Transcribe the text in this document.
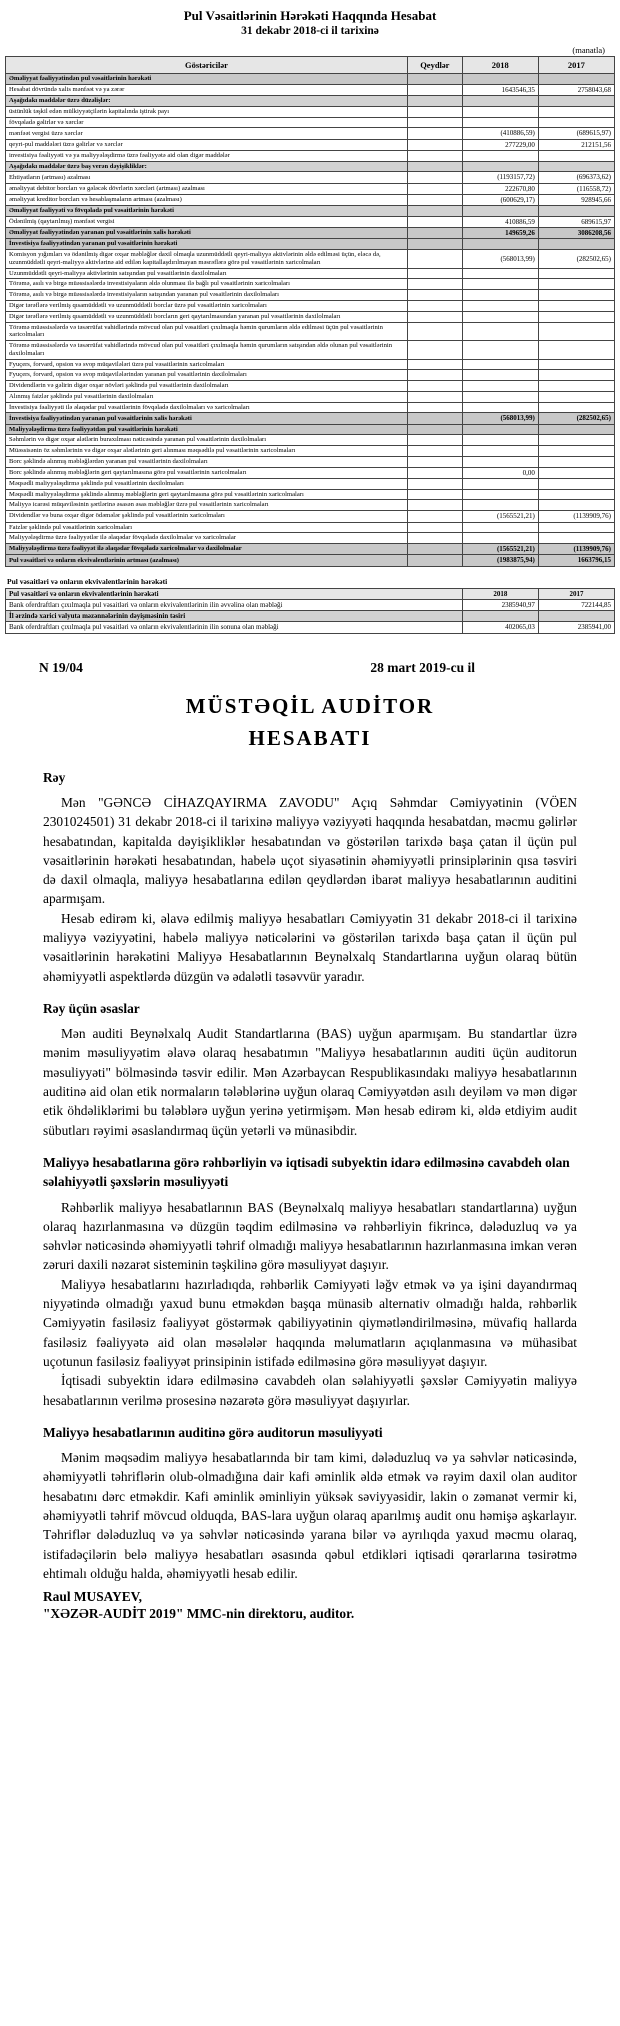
Pul Vəsaitlərinin Hərəkəti Haqqında Hesabat
31 dekabr 2018-ci il tarixinə
(manatla)
Göstəricilər	Qeydlər	2018	2017
Əməliyyat fəaliyyətindən pul vəsaitlərinin hərəkəti			
Hesabat dövründə xalis mənfəət və ya zərər		1643546,35	2758043,68
Aşağıdakı maddələr üzrə düzəlişlər:			
üstünlük təşkil edən mülkiyyətçilərin kapitalında iştirak payı			
fövqəladə gəlirlər və xərclər			
mənfəət vergisi üzrə xərclər		(410886,59)	(689615,97)
qeyri-pul maddələri üzrə gəlirlər və xərclər		277229,00	212151,56
investisiya fəaliyyəti və ya maliyyələşdirmə üzrə fəaliyyətə aid olan digər maddələr			
Aşağıdakı maddələr üzrə baş verən dəyişikliklər:			
Ehtiyatların (artması) azalması		(1193157,72)	(696373,62)
əməliyyat debitor borcları və gələcək dövrlərin xərcləri (artması) azalması		222670,80	(116558,72)
əməliyyat kreditor borcları və hesablaşmaların artması (azalması)		(600629,17)	928945,66
Əməliyyat fəaliyyəti və fövqəladə pul vəsaitlərinin hərəkəti			
Ödənilmiş (qaytarılmış) mənfəət vergisi		410886,59	689615,97
Əməliyyat fəaliyyətindən yaranan pul vəsaitlərinin xalis hərəkəti		149659,26	3086208,56
İnvestisiya fəaliyyətindən yaranan pul vəsaitlərinin hərəkəti			
Komisyon yığımları və ödənilmiş digər oxşar məbləğlər daxil olmaqla uzunmüddətli qeyri-maliyyə aktivlərinin əldə edilməsi üçün, eləcə də, uzunmüddətli qeyri-maliyyə aktivlərinə aid edilən kapitallaşdırılmayan məsrəflərə görə pul vəsaitlərinin xaricolmaları		(568013,99)	(282502,65)
Uzunmüddətli qeyri-maliyyə aktivlərinin satışından pul vəsaitlərinin daxilolmaları			
Törəmə, asılı və birgə müəssisələrdə investisiyaların əldə olunması ilə bağlı pul vəsaitlərinin xaricolmaları			
Törəmə, asılı və birgə müəssisələrdə investisiyaların satışından yaranan pul vəsaitlərinin daxilolmaları			
Digər tərəflərə verilmiş qısamüddətli və uzunmüddətli borclar üzrə pul vəsaitlərinin xaricolmaları			
Digər tərəflərə verilmiş qısamüddətli və uzunmüddətli borcların geri qaytarılmasından yaranan pul vəsaitlərinin daxilolmaları			
Törəmə müəssisələrdə və təsərrüfat vahidlərində mövcud olan pul vəsaitləri çıxılmaqla həmin qurumların əldə edilməsi üçün pul vəsaitlərinin xaricolmaları			
Törəmə müəssisələrdə və təsərrüfat vahidlərində mövcud olan pul vəsaitləri çıxılmaqla həmin qurumların satışından əldə olunan pul vəsaitlərinin daxilolmaları			
Fyuçers, forvard, opsion və svop müqavilələri üzrə pul vəsaitlərinin xaricolmaları			
Fyuçers, forvard, opsion və svop müqavilələrindən yaranan pul vəsaitlərinin daxilolmaları			
Dividendlərin və gəlirin digər oxşar növləri şəklində pul vəsaitlərinin daxilolmaları			
Alınmış faizlər şəklində pul vəsaitlərinin daxilolmaları			
İnvestisiya fəaliyyəti ilə əlaqədar pul vəsaitlərinin fövqəladə daxilolmaları və xaricolmaları			
İnvestisiya fəaliyyətindən yaranan pul vəsaitlərinin xalis hərəkəti		(568013,99)	(282502,65)
Maliyyələşdirmə üzrə fəaliyyətdən pul vəsaitlərinin hərəkəti			
Səhmlərin və digər oxşar alətlərin buraxılması nəticəsində yaranan pul vəsaitlərinin daxilolmaları			
Müəssisənin öz səhmlərinin və digər oxşar alətlərinin geri alınması məqsədilə pul vəsaitlərinin xaricolmaları			
Borc şəklində alınmış məbləğlərdən yaranan pul vəsaitlərinin daxilolmaları			
Borc şəklində alınmış məbləğlərin geri qaytarılmasına görə pul vəsaitlərinin xaricolmaları		0,00	
Məqsədli maliyyələşdirmə şəklində pul vəsaitlərinin daxilolmaları			
Məqsədli maliyyələşdirmə şəklində alınmış məbləğlərin geri qaytarılmasına görə pul vəsaitlərinin xaricolmaları			
Maliyyə icarəsi müqaviləsinin şərtlərinə əsasən əsas məbləğlər üzrə pul vəsaitlərinin xaricolmaları			
Dividendlər və buna oxşar digər ödəmələr şəklində pul vəsaitlərinin xaricolmaları		(1565521,21)	(1139909,76)
Faizlər şəklində pul vəsaitlərinin xaricolmaları			
Maliyyələşdirmə üzrə fəaliyyətlər ilə əlaqədar fövqəladə daxilolmalar və xaricolmalar			
Maliyyələşdirmə üzrə fəaliyyət ilə əlaqədar fövqəladə xaricolmalar və daxilolmalar		(1565521,21)	(1139909,76)
Pul vəsaitləri və onların ekvivalentlərinin artması (azalması)		(1983875,94)	1663796,15
Pul vəsaitləri və onların ekvivalentlərinin hərəkəti
Pul vəsaitləri və onların ekvivalentlərinin hərəkəti	2018	2017
Bank oferdraftları çıxılmaqla pul vəsaitləri və onların ekvivalentlərinin ilin əvvəlinə olan məbləği	2385940,97	722144,85
İl ərzində xarici valyuta məzənnələrinin dəyişməsinin təsiri		
Bank oferdraftları çıxılmaqla pul vəsaitləri və onların ekvivalentlərinin ilin sonuna olan məbləği	402065,03	2385941,00
N 19/04	28 mart 2019-cu il
MÜSTƏQİL AUDİTOR
HESABATI
Rəy

Mən "GƏNCƏ CİHAZQAYIRMA ZAVODU" Açıq Səhmdar Cəmiyyətinin (VÖEN 2301024501) 31 dekabr 2018-ci il tarixinə maliyyə vəziyyəti haqqında hesabatdan, məcmu gəlirlər hesabatından, kapitalda dəyişikliklər hesabatından və göstərilən tarixdə başa çatan il üçün pul vəsaitlərinin hərəkəti hesabatından, habelə uçot siyasətinin əhəmiyyətli prinsiplərinin qısa təsviri də daxil olmaqla, maliyyə hesabatlarına edilən qeydlərdən ibarət maliyyə hesabatlarının auditini aparmışam.

Hesab edirəm ki, əlavə edilmiş maliyyə hesabatları Cəmiyyətin 31 dekabr 2018-ci il tarixinə maliyyə vəziyyətini, habelə maliyyə nəticələrini və göstərilən tarixdə başa çatan il üçün pul vəsaitlərinin hərəkətini Maliyyə Hesabatlarının Beynəlxalq Standartlarına uyğun olaraq bütün əhəmiyyətli aspektlərdə düzgün və ədalətli təsəvvür yaradır.

Rəy üçün əsaslar

Mən auditi Beynəlxalq Audit Standartlarına (BAS) uyğun aparmışam. Bu standartlar üzrə mənim məsuliyyətim əlavə olaraq hesabatımın "Maliyyə hesabatlarının auditi üçün auditorun məsuliyyəti" bölməsində təsvir edilir. Mən Azərbaycan Respublikasındakı maliyyə hesabatlarının auditinə aid olan etik normaların tələblərinə uyğun olaraq Cəmiyyətdən asılı deyiləm və mən digər etik öhdəliklərimi bu tələblərə uyğun yerinə yetirmişəm. Mən hesab edirəm ki, əldə etdiyim audit sübutları rəyimi əsaslandırmaq üçün yetərli və münasibdir.

Maliyyə hesabatlarına görə rəhbərliyin və iqtisadi subyektin idarə edilməsinə cavabdeh olan səlahiyyətli şəxslərin məsuliyyəti

Rəhbərlik maliyyə hesabatlarının BAS (Beynəlxalq maliyyə hesabatları standartlarına) uyğun olaraq hazırlanmasına və düzgün təqdim edilməsinə və rəhbərliyin fikrincə, dələduzluq və ya səhvlər nəticəsində əhəmiyyətli təhrif olmadığı maliyyə hesabatlarının hazırlanmasına imkan verən zəruri daxili nəzarət sisteminin təşkilinə görə məsuliyyət daşıyır.

Maliyyə hesabatlarını hazırladıqda, rəhbərlik Cəmiyyəti ləğv etmək və ya işini dayandırmaq niyyətində olmadığı yaxud bunu etməkdən başqa münasib alternativ olmadığı halda, rəhbərlik Cəmiyyətin fasiləsiz fəaliyyət göstərmək qabiliyyətinin qiymətləndirilməsinə, müvafiq hallarda fasiləsiz fəaliyyətə aid olan məsələlər haqqında məlumatların açıqlanmasına və mühasibat uçotunun fasiləsiz fəaliyyət prinsipinin istifadə edilməsinə görə məsuliyyət daşıyır.

İqtisadi subyektin idarə edilməsinə cavabdeh olan səlahiyyətli şəxslər Cəmiyyətin maliyyə hesabatlarının verilmə prosesinə nəzarətə görə məsuliyyət daşıyırlar.

Maliyyə hesabatlarının auditinə görə auditorun məsuliyyəti

Mənim məqsədim maliyyə hesabatlarında bir tam kimi, dələduzluq və ya səhvlər nəticəsində, əhəmiyyətli təhriflərin olub-olmadığına dair kafi əminlik əldə etmək və rəyim daxil olan auditor hesabatını dərc etməkdir. Kafi əminlik əminliyin yüksək səviyyəsidir, lakin o zəmanət vermir ki, əhəmiyyətli təhrif mövcud olduqda, BAS-lara uyğun olaraq aparılmış audit onu həmişə aşkarlayır. Təhriflər dələduzluq və ya səhvlər nəticəsində yarana bilər və ayrılıqda yaxud məcmu olaraq, istifadəçilərin belə maliyyə hesabatları əsasında qəbul etdikləri iqtisadi qərarlarına təsirətmə ehtimalı olduğu halda, əhəmiyyətli hesab edilir.

Raul MUSAYEV,
"XƏZƏR-AUDİT 2019" MMC-nin direktoru, auditor.
